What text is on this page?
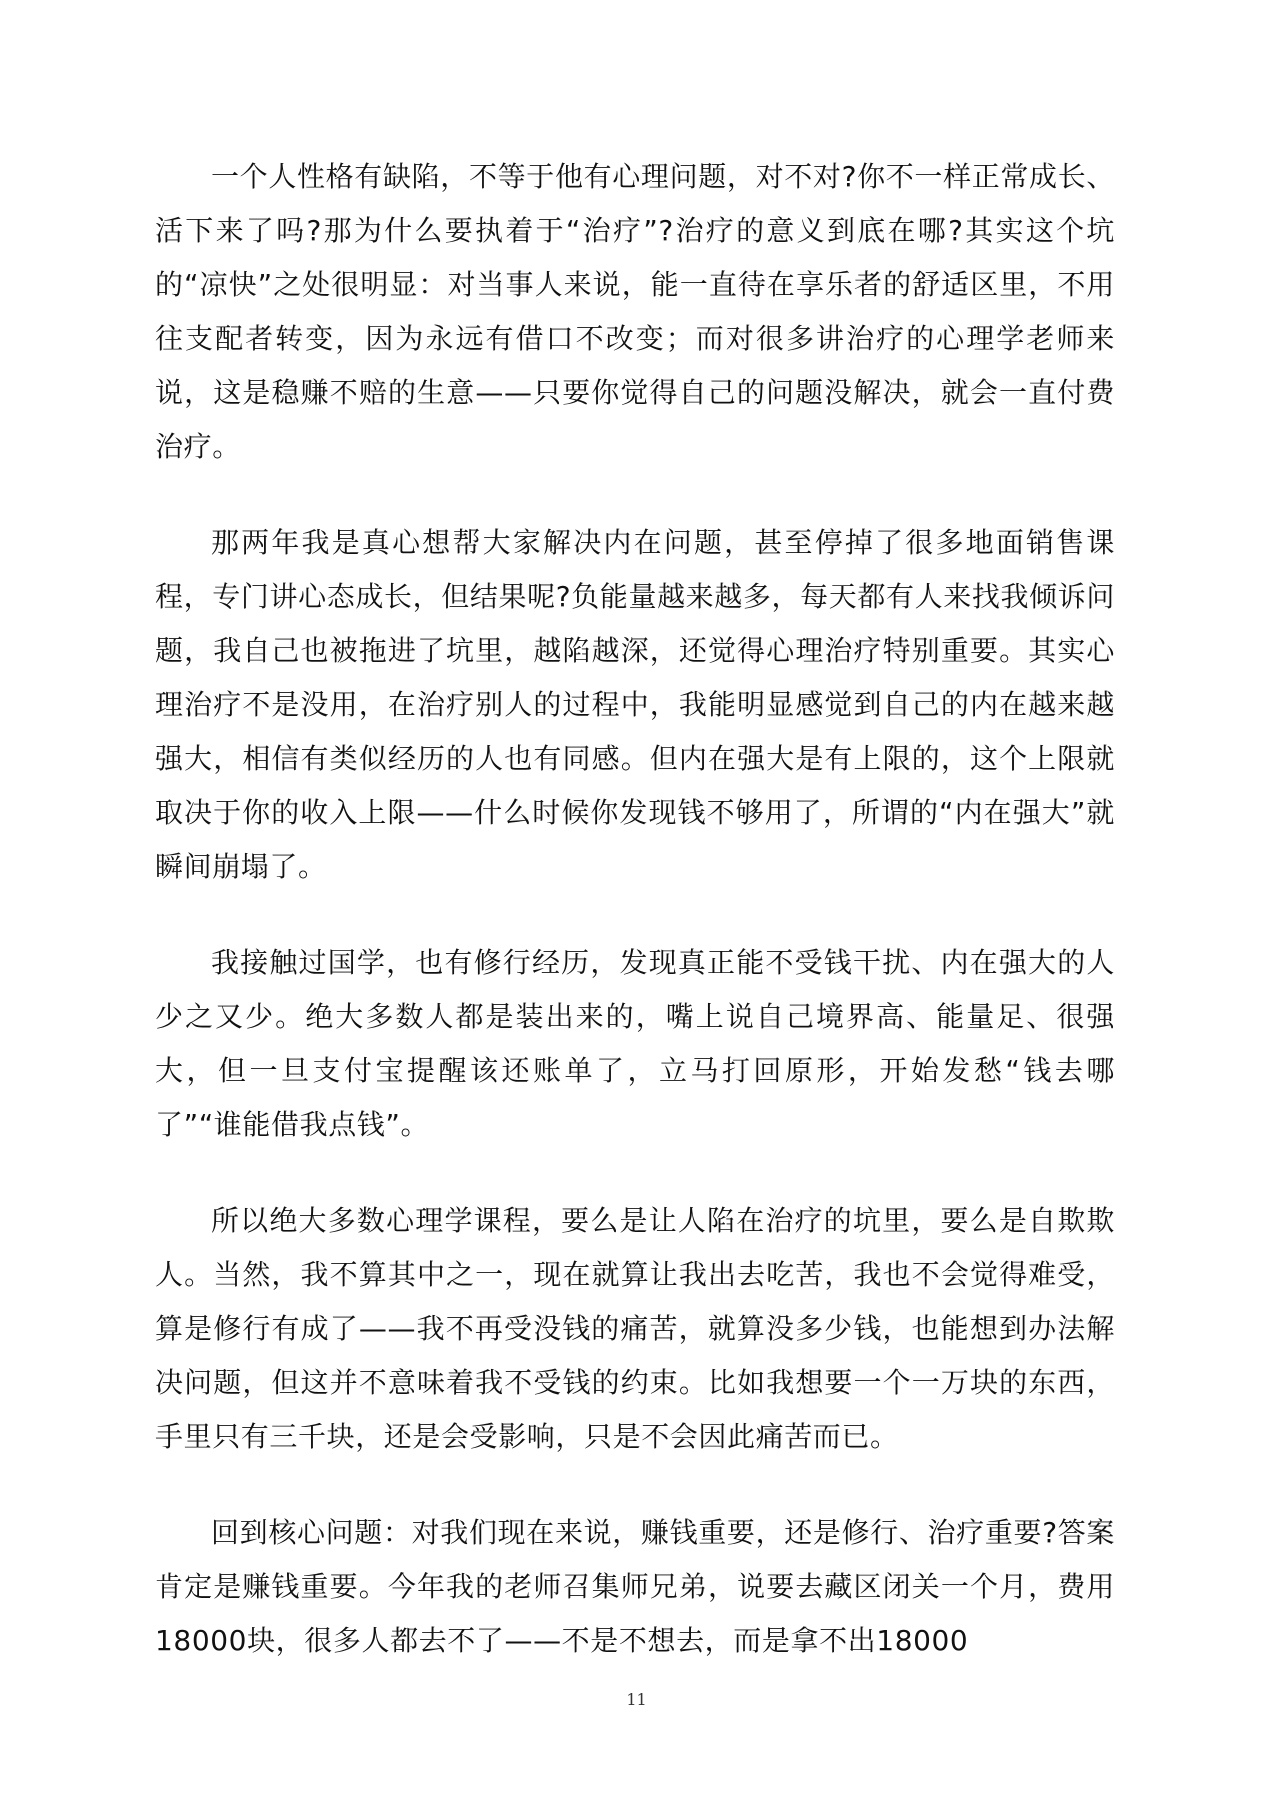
一个人性格有缺陷，不等于他有心理问题，对不对?你不一样正常成长、活下来了吗?那为什么要执着于“治疗”?治疗的意义到底在哪?其实这个坑的“凉快”之处很明显：对当事人来说，能一直待在享乐者的舒适区里，不用往支配者转变，因为永远有借口不改变；而对很多讲治疗的心理学老师来说，这是稳赚不赔的生意——只要你觉得自己的问题没解决，就会一直付费治疗。

那两年我是真心想帮大家解决内在问题，甚至停掉了很多地面销售课程，专门讲心态成长，但结果呢?负能量越来越多，每天都有人来找我倾诉问题，我自己也被拖进了坑里，越陷越深，还觉得心理治疗特别重要。其实心理治疗不是没用，在治疗别人的过程中，我能明显感觉到自己的内在越来越强大，相信有类似经历的人也有同感。但内在强大是有上限的，这个上限就取决于你的收入上限——什么时候你发现钱不够用了，所谓的“内在强大”就瞬间崩塌了。

我接触过国学，也有修行经历，发现真正能不受钱干扰、内在强大的人少之又少。绝大多数人都是装出来的，嘴上说自己境界高、能量足、很强大，但一旦支付宝提醒该还账单了，立马打回原形，开始发愁“钱去哪了”“谁能借我点钱”。

所以绝大多数心理学课程，要么是让人陷在治疗的坑里，要么是自欺欺人。当然，我不算其中之一，现在就算让我出去吃苦，我也不会觉得难受，算是修行有成了——我不再受没钱的痛苦，就算没多少钱，也能想到办法解决问题，但这并不意味着我不受钱的约束。比如我想要一个一万块的东西，手里只有三千块，还是会受影响，只是不会因此痛苦而已。

回到核心问题：对我们现在来说，赚钱重要，还是修行、治疗重要?答案肯定是赚钱重要。今年我的老师召集师兄弟，说要去藏区闭关一个月，费用18000块，很多人都去不了——不是不想去，而是拿不出18000

11
